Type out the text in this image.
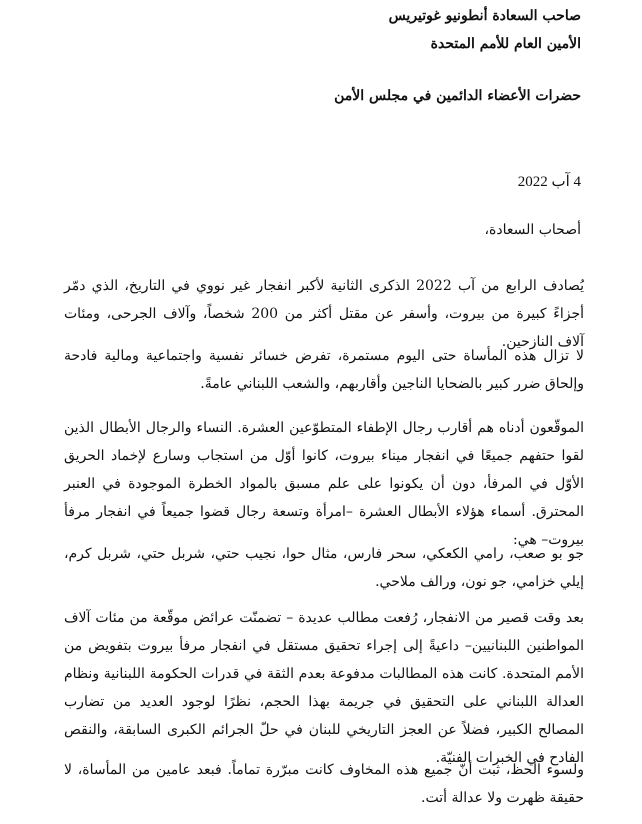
صاحب السعادة أنطونيو غوتيريس
الأمين العام للأمم المتحدة
حضرات الأعضاء الدائمين في مجلس الأمن
4 آب 2022
أصحاب السعادة،

يُصادف الرابع من آب 2022 الذكرى الثانية لأكبر انفجار غير نووي في التاريخ، الذي دمّر أجزاءً كبيرة من بيروت، وأسفر عن مقتل أكثر من 200 شخصاً، وآلاف الجرحى، ومئات آلاف النازحين.

لا تزال هذه المأساة حتى اليوم مستمرة، تفرض خسائر نفسية واجتماعية ومالية فادحة وإلحاق ضرر كبير بالضحايا الناجين وأقاربهم، والشعب اللبناني عامةً.

الموقّعون أدناه هم أقارب رجال الإطفاء المتطوّعين العشرة. النساء والرجال الأبطال الذين لقوا حتفهم جميعًا في انفجار ميناء بيروت، كانوا أوّل من استجاب وسارع لإخماد الحريق الأوّل في المرفأ، دون أن يكونوا على علم مسبق بالمواد الخطرة الموجودة في العنبر المحترق. أسماء هؤلاء الأبطال العشرة –امرأة وتسعة رجال قضوا جميعاً في انفجار مرفأ بيروت– هي:

جو بو صعب، رامي الكعكي، سحر فارس، مثال حوا، نجيب حتي، شربل حتي، شربل كرم، إيلي خزامي، جو نون، ورالف ملاحي.

بعد وقت قصير من الانفجار، رُفعت مطالب عديدة – تضمنّت عرائض موقّعة من مئات آلاف المواطنين اللبنانيين– داعيةً إلى إجراء تحقيق مستقل في انفجار مرفأ بيروت بتفويض من الأمم المتحدة. كانت هذه المطالبات مدفوعة بعدم الثقة في قدرات الحكومة اللبنانية ونظام العدالة اللبناني على التحقيق في جريمة بهذا الحجم، نظرًا لوجود العديد من تضارب المصالح الكبير، فضلاً عن العجز التاريخي للبنان في حلّ الجرائم الكبرى السابقة، والنقص الفادح في الخبرات الفنيّة.

ولسوء الحظ، ثبت أنّ جميع هذه المخاوف كانت مبرّرة تماماً. فبعد عامين من المأساة، لا حقيقة ظهرت ولا عدالة أتت.
